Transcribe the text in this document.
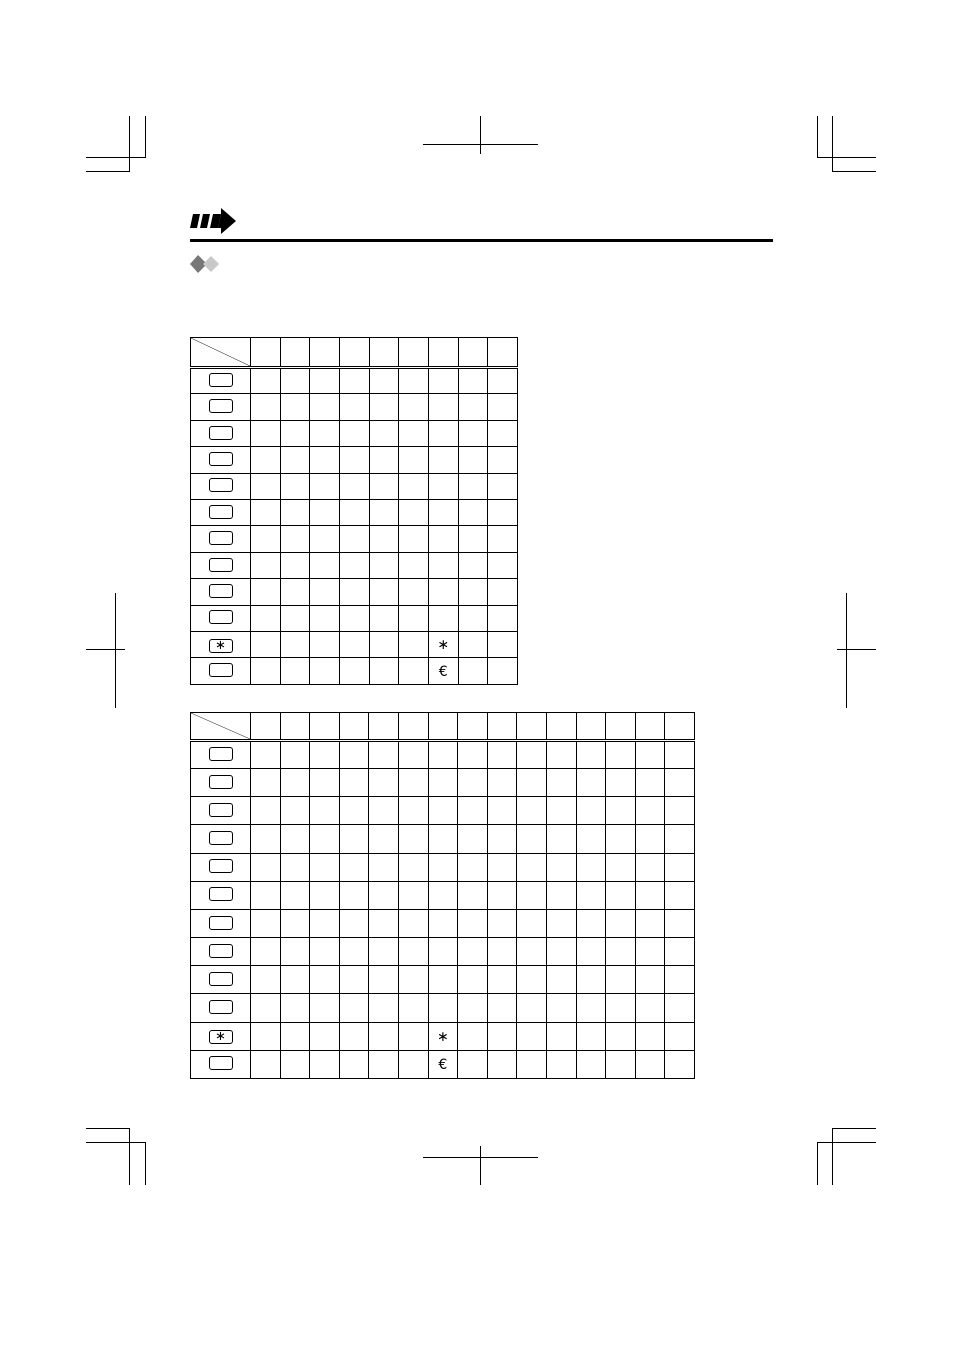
∗							∗		
							€		

∗							∗								
							€								
